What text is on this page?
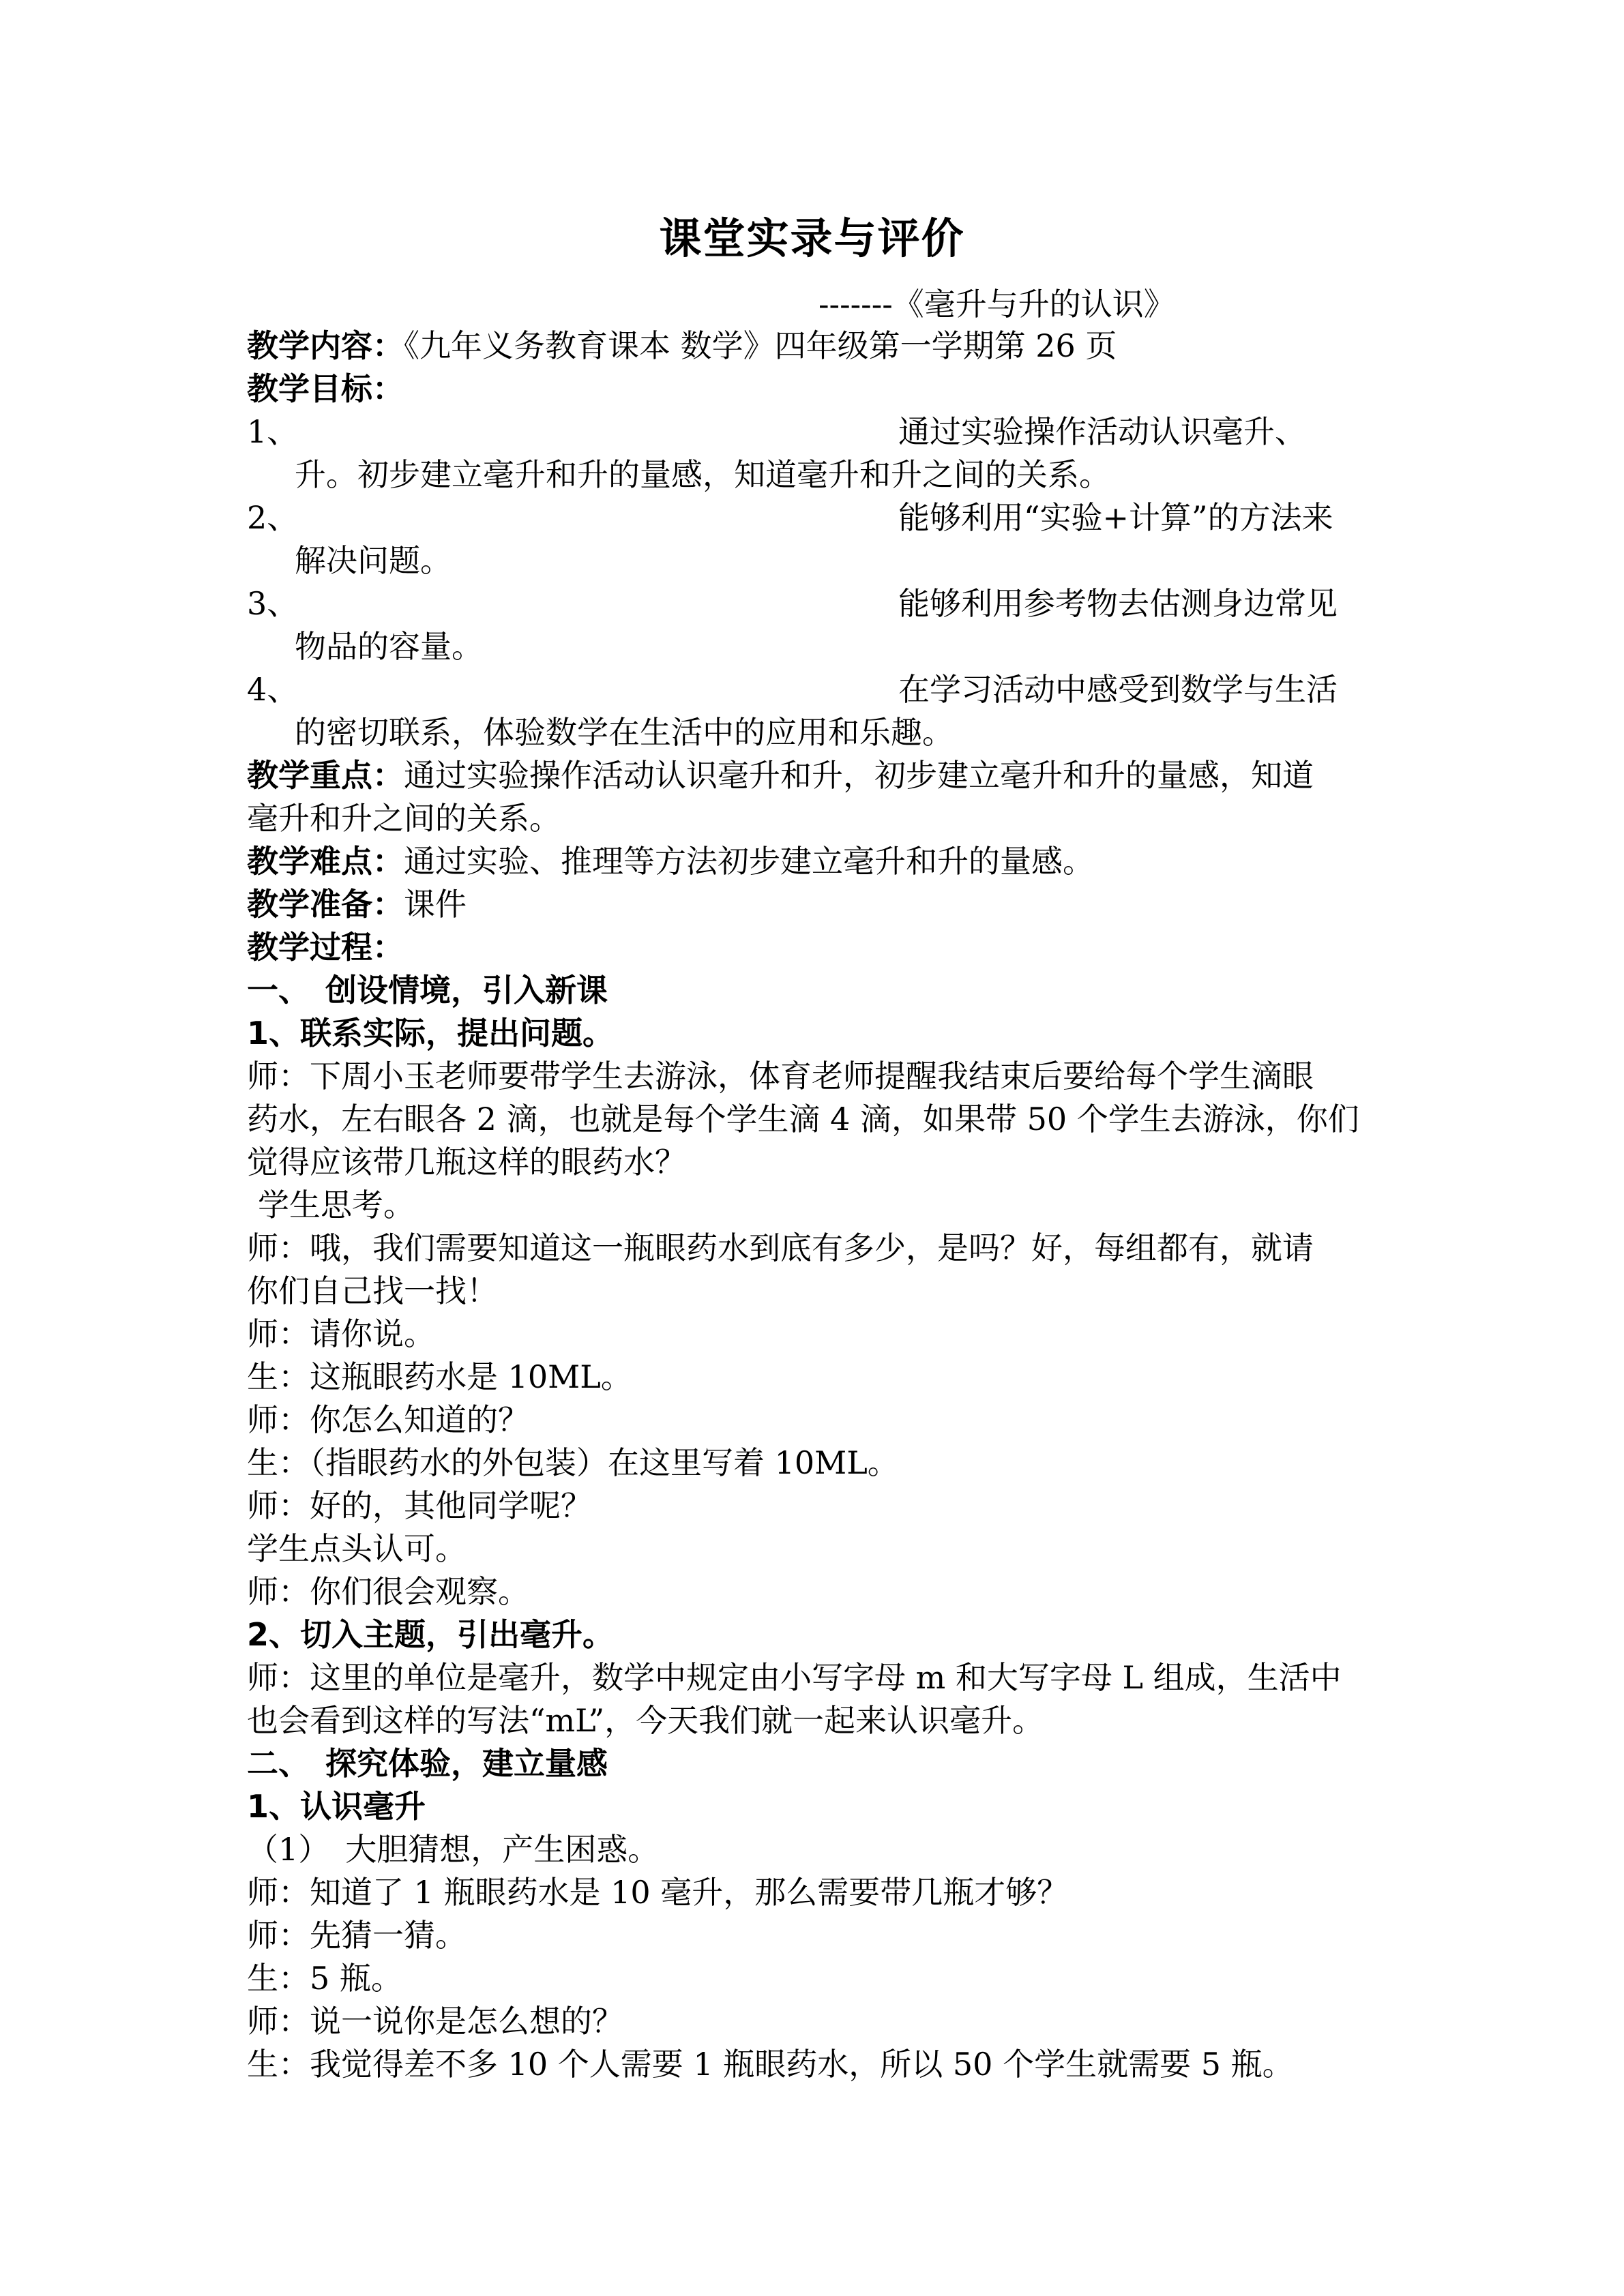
课堂实录与评价
-------《毫升与升的认识》
教学内容：《九年义务教育课本 数学》四年级第一学期第 26 页
教学目标：
1、	通过实验操作活动认识毫升、
升。初步建立毫升和升的量感，知道毫升和升之间的关系。
2、	能够利用“实验+计算”的方法来
解决问题。
3、	能够利用参考物去估测身边常见
物品的容量。
4、	在学习活动中感受到数学与生活
的密切联系，体验数学在生活中的应用和乐趣。
教学重点：通过实验操作活动认识毫升和升，初步建立毫升和升的量感，知道
毫升和升之间的关系。
教学难点：通过实验、推理等方法初步建立毫升和升的量感。
教学准备：课件
教学过程：
一、　创设情境，引入新课
1、联系实际，提出问题。
师：下周小玉老师要带学生去游泳，体育老师提醒我结束后要给每个学生滴眼
药水，左右眼各 2 滴，也就是每个学生滴 4 滴，如果带 50 个学生去游泳，你们
觉得应该带几瓶这样的眼药水？
学生思考。
师：哦，我们需要知道这一瓶眼药水到底有多少，是吗？好，每组都有，就请
你们自己找一找！
师：请你说。
生：这瓶眼药水是 10ML。
师：你怎么知道的？
生：（指眼药水的外包装）在这里写着 10ML。
师：好的，其他同学呢？
学生点头认可。
师：你们很会观察。
2、切入主题，引出毫升。
师：这里的单位是毫升，数学中规定由小写字母 m 和大写字母 L 组成，生活中
也会看到这样的写法“mL”，今天我们就一起来认识毫升。
二、　探究体验，建立量感
1、认识毫升
（1）　大胆猜想，产生困惑。
师：知道了 1 瓶眼药水是 10 毫升，那么需要带几瓶才够？
师：先猜一猜。
生：5 瓶。
师：说一说你是怎么想的？
生：我觉得差不多 10 个人需要 1 瓶眼药水，所以 50 个学生就需要 5 瓶。
